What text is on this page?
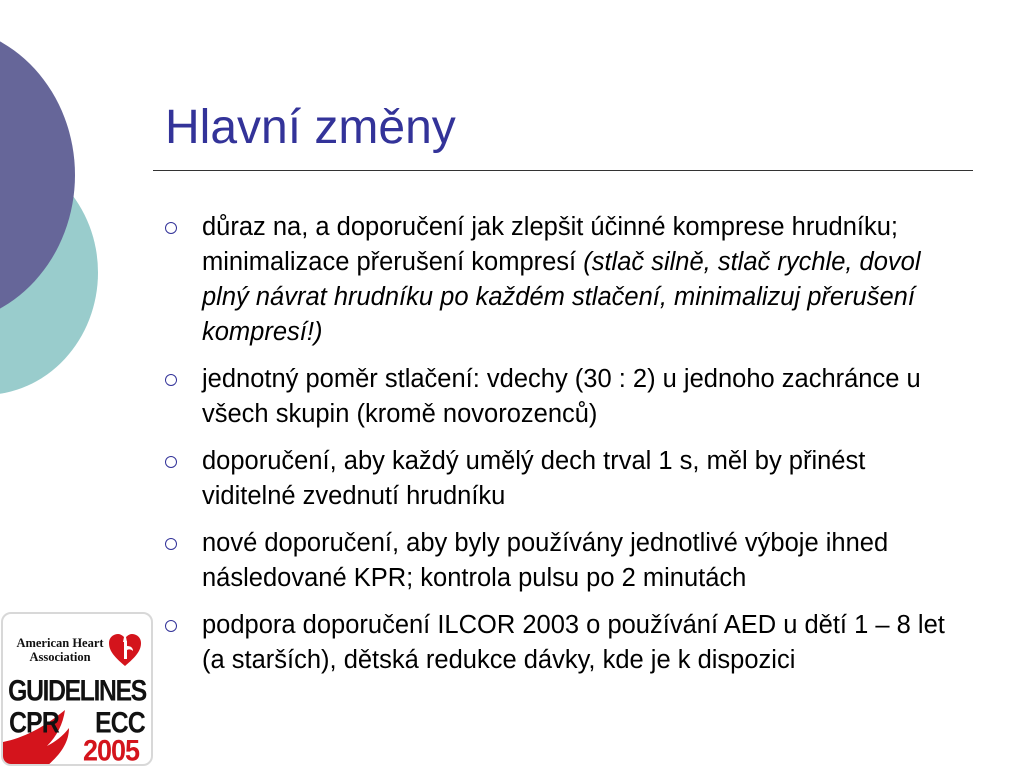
Hlavní změny
důraz na, a doporučení jak zlepšit účinné komprese hrudníku; minimalizace přerušení kompresí (stlač silně, stlač rychle, dovol plný návrat hrudníku po každém stlačení, minimalizuj přerušení kompresí!)
jednotný poměr stlačení: vdechy (30 : 2) u jednoho zachránce u všech skupin (kromě novorozenců)
doporučení, aby každý umělý dech trval 1 s, měl by přinést viditelné zvednutí hrudníku
nové doporučení, aby byly používány jednotlivé výboje ihned následované KPR; kontrola pulsu po 2 minutách
podpora doporučení ILCOR 2003 o používání AED u dětí 1 – 8 let (a starších), dětská redukce dávky, kde je k dispozici
American Heart
Association
GUIDELINES
CPR ECC
2005
